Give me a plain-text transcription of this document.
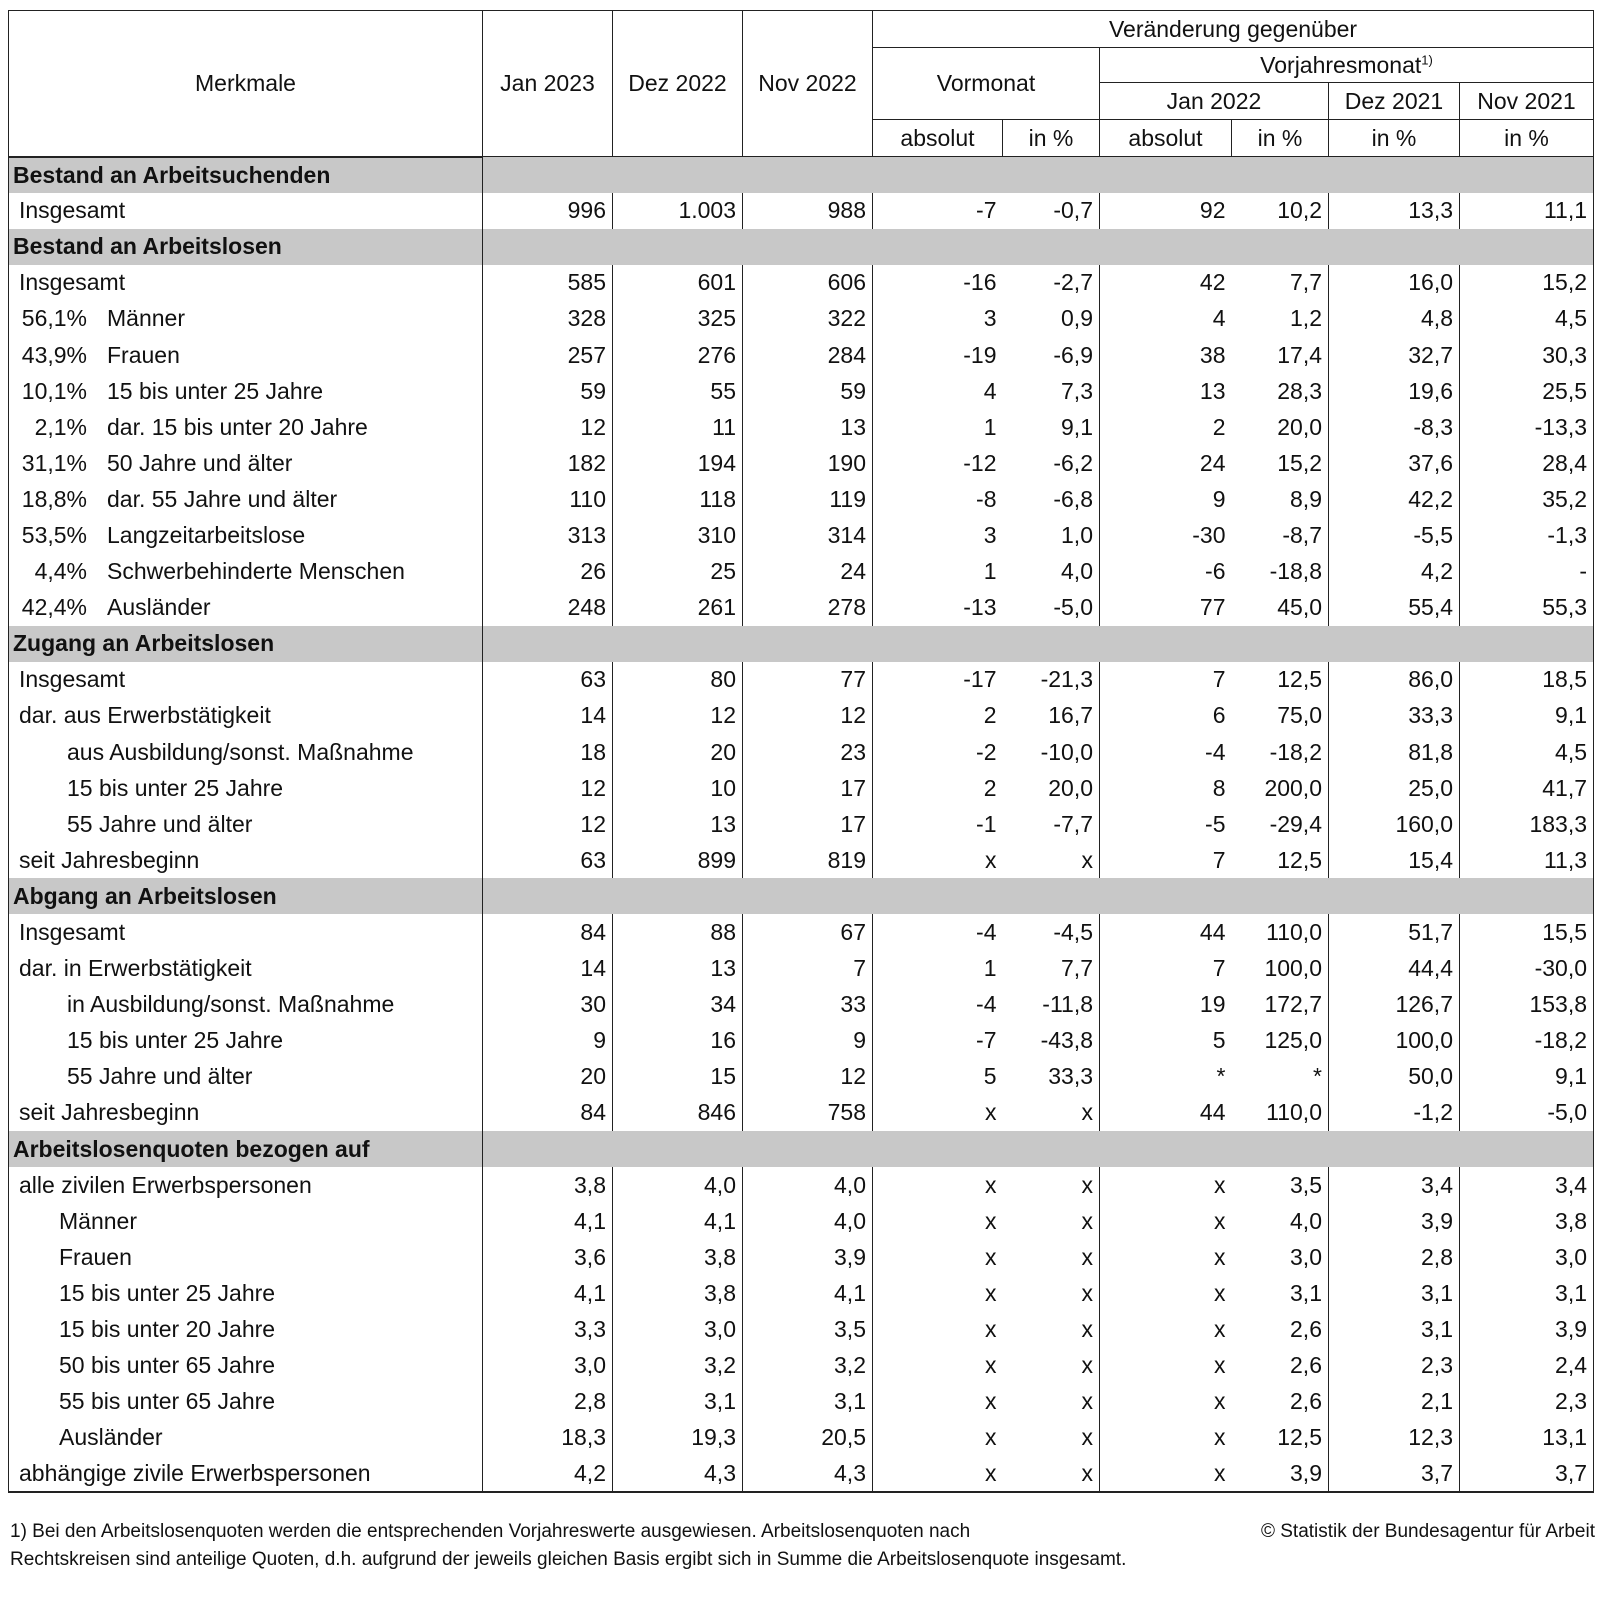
Merkmale	Jan 2023	Dez 2022	Nov 2022	Veränderung gegenüber					
				Vormonat		Vorjahresmonat$^{1)}$
						Jan 2022		Dez 2021	Nov 2021
				absolut	in %	absolut	in %	in %	in %
Bestand an Arbeitsuchenden									
Insgesamt	996	1.003	988	-7	-0,7	92	10,2	13,3	11,1
Bestand an Arbeitslosen									
Insgesamt	585	601	606	-16	-2,7	42	7,7	16,0	15,2
56,1% Männer	328	325	322	3	0,9	4	1,2	4,8	4,5
43,9% Frauen	257	276	284	-19	-6,9	38	17,4	32,7	30,3
10,1% 15 bis unter 25 Jahre	59	55	59	4	7,3	13	28,3	19,6	25,5
2,1% dar. 15 bis unter 20 Jahre	12	11	13	1	9,1	2	20,0	-8,3	-13,3
31,1% 50 Jahre und älter	182	194	190	-12	-6,2	24	15,2	37,6	28,4
18,8% dar. 55 Jahre und älter	110	118	119	-8	-6,8	9	8,9	42,2	35,2
53,5% Langzeitarbeitslose	313	310	314	3	1,0	-30	-8,7	-5,5	-1,3
4,4% Schwerbehinderte Menschen	26	25	24	1	4,0	-6	-18,8	4,2	-
42,4% Ausländer	248	261	278	-13	-5,0	77	45,0	55,4	55,3
Zugang an Arbeitslosen									
Insgesamt	63	80	77	-17	-21,3	7	12,5	86,0	18,5
dar. aus Erwerbstätigkeit	14	12	12	2	16,7	6	75,0	33,3	9,1
aus Ausbildung/sonst. Maßnahme	18	20	23	-2	-10,0	-4	-18,2	81,8	4,5
15 bis unter 25 Jahre	12	10	17	2	20,0	8	200,0	25,0	41,7
55 Jahre und älter	12	13	17	-1	-7,7	-5	-29,4	160,0	183,3
seit Jahresbeginn	63	899	819	x	x	7	12,5	15,4	11,3
Abgang an Arbeitslosen									
Insgesamt	84	88	67	-4	-4,5	44	110,0	51,7	15,5
dar. in Erwerbstätigkeit	14	13	7	1	7,7	7	100,0	44,4	-30,0
in Ausbildung/sonst. Maßnahme	30	34	33	-4	-11,8	19	172,7	126,7	153,8
15 bis unter 25 Jahre	9	16	9	-7	-43,8	5	125,0	100,0	-18,2
55 Jahre und älter	20	15	12	5	33,3	*	*	50,0	9,1
seit Jahresbeginn	84	846	758	x	x	44	110,0	-1,2	-5,0
Arbeitslosenquoten bezogen auf									
alle zivilen Erwerbspersonen	3,8	4,0	4,0	x	x	x	3,5	3,4	3,4
Männer	4,1	4,1	4,0	x	x	x	4,0	3,9	3,8
Frauen	3,6	3,8	3,9	x	x	x	3,0	2,8	3,0
15 bis unter 25 Jahre	4,1	3,8	4,1	x	x	x	3,1	3,1	3,1
15 bis unter 20 Jahre	3,3	3,0	3,5	x	x	x	2,6	3,1	3,9
50 bis unter 65 Jahre	3,0	3,2	3,2	x	x	x	2,6	2,3	2,4
55 bis unter 65 Jahre	2,8	3,1	3,1	x	x	x	2,6	2,1	2,3
Ausländer	18,3	19,3	20,5	x	x	x	12,5	12,3	13,1
abhängige zivile Erwerbspersonen	4,2	4,3	4,3	x	x	x	3,9	3,7	3,7
1) Bei den Arbeitslosenquoten werden die entsprechenden Vorjahreswerte ausgewiesen. Arbeitslosenquoten nach
Rechtskreisen sind anteilige Quoten, d.h. aufgrund der jeweils gleichen Basis ergibt sich in Summe die Arbeitslosenquote insgesamt.
© Statistik der Bundesagentur für Arbeit
